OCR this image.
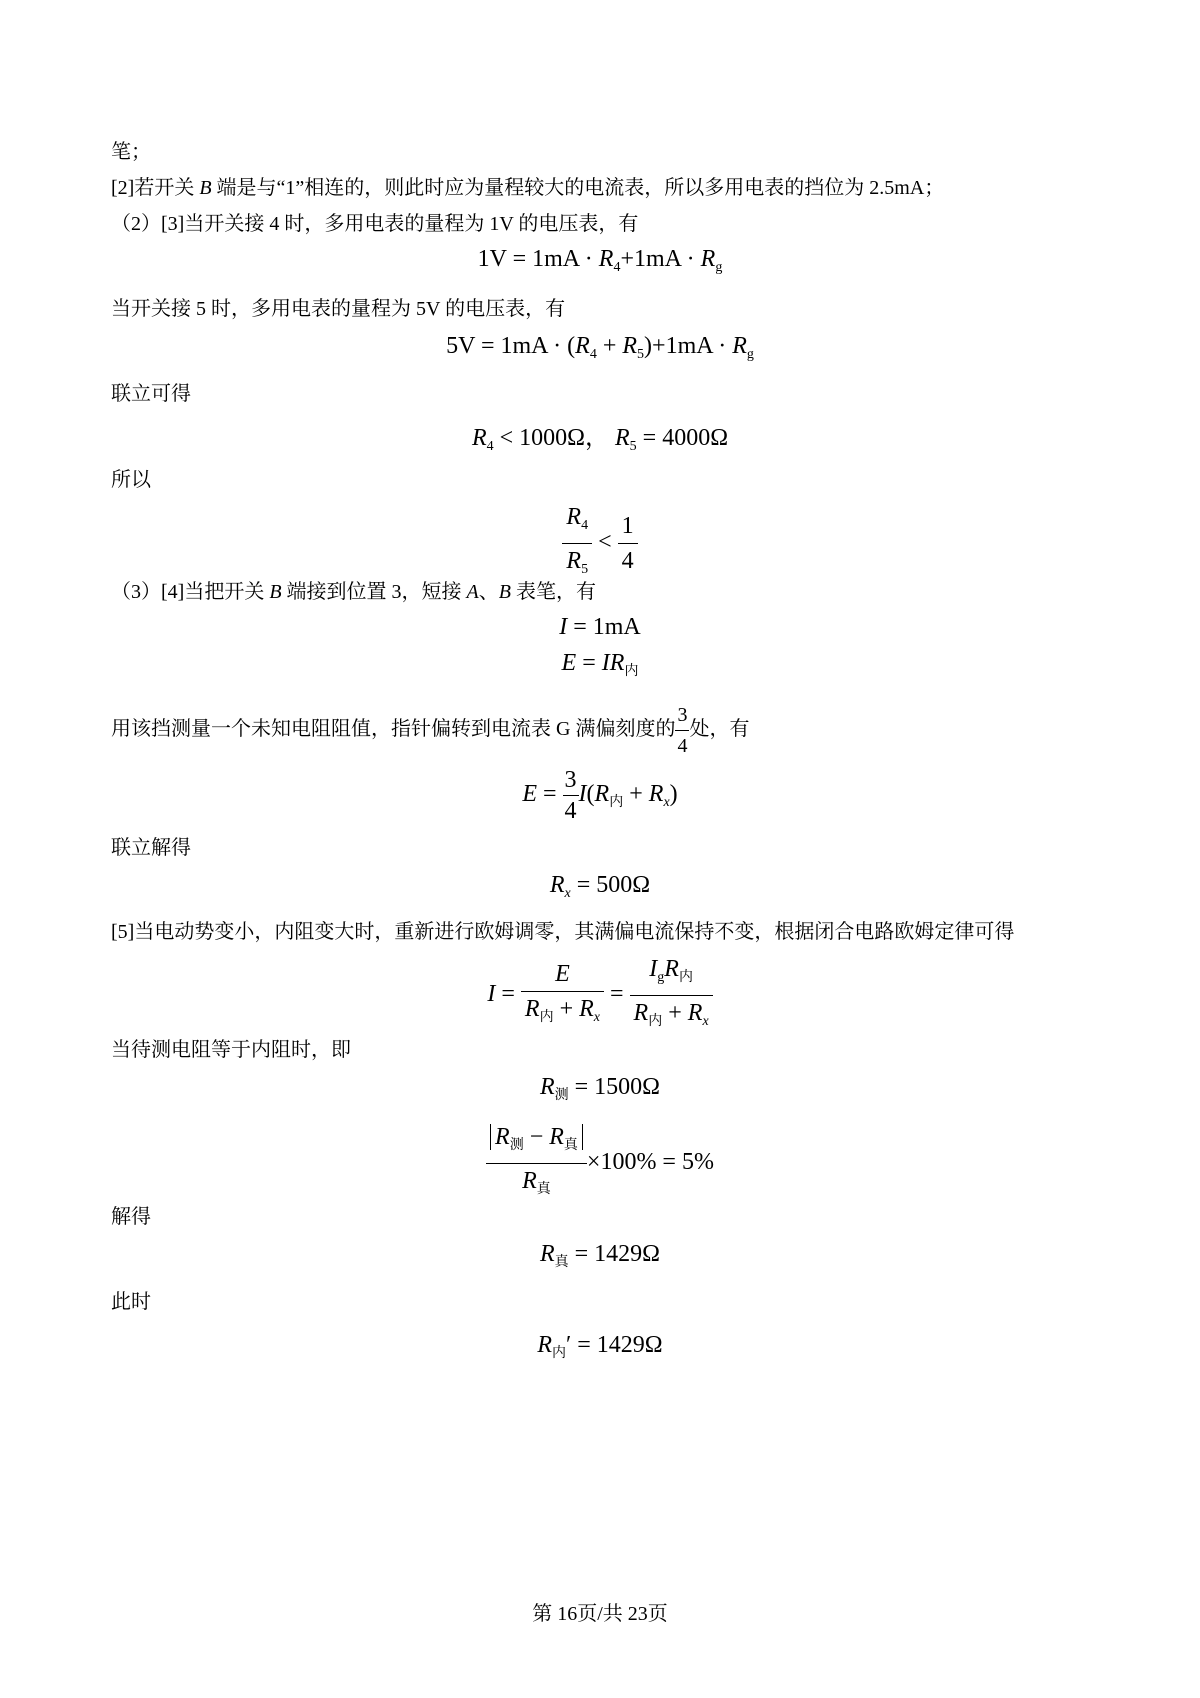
笔；
[2]若开关 B 端是与“1”相连的，则此时应为量程较大的电流表，所以多用电表的挡位为 2.5mA；
（2）[3]当开关接 4 时，多用电表的量程为 1V 的电压表，有
$1V = 1mA \cdot R_4+1mA \cdot R_g$
当开关接 5 时，多用电表的量程为 5V 的电压表，有
$5V = 1mA \cdot (R_4 + R_5)+1mA \cdot R_g$
联立可得
$R_4 < 1000\Omega$， $R_5 = 4000\Omega$
所以
$\frac{R_4}{R_5} < \frac{1}{4}$
（3）[4]当把开关 B 端接到位置 3，短接 A、B 表笔，有
I = 1mA
$E = IR_内$
用该挡测量一个未知电阻阻值，指针偏转到电流表 G 满偏刻度的 $\frac{3}{4}$ 处，有
$E = \frac{3}{4} I(R_内 + R_x)$
联立解得
$R_x = 500\Omega$
[5]当电动势变小，内阻变大时，重新进行欧姆调零，其满偏电流保持不变，根据闭合电路欧姆定律可得
$I = \frac{E}{R_内 + R_x} = \frac{I_gR_内}{R_内 + R_x}$
当待测电阻等于内阻时，即
$R_测 = 1500\Omega$
$\frac{R_测 - R_真}{R_真} \times 100\% = 5\%$
解得
$R_真 = 1429\Omega$
此时
$R_内' = 1429\Omega$
第 16页/共 23页
